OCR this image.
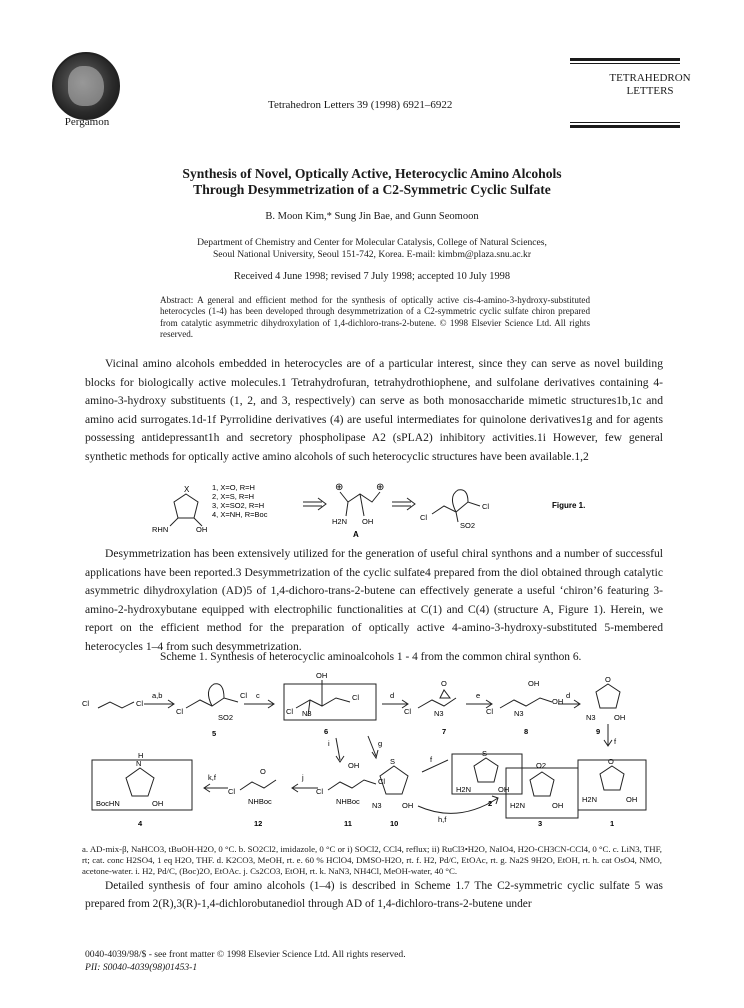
Pergamon
Tetrahedron Letters 39 (1998) 6921–6922
TETRAHEDRON
LETTERS
Synthesis of Novel, Optically Active, Heterocyclic Amino Alcohols
Through Desymmetrization of a C2-Symmetric Cyclic Sulfate
B. Moon Kim,* Sung Jin Bae, and Gunn Seomoon
Department of Chemistry and Center for Molecular Catalysis, College of Natural Sciences,
Seoul National University, Seoul 151-742, Korea. E-mail: kimbm@plaza.snu.ac.kr
Received 4 June 1998; revised 7 July 1998; accepted 10 July 1998
Abstract: A general and efficient method for the synthesis of optically active cis-4-amino-3-hydroxy-substituted heterocycles (1-4) has been developed through desymmetrization of a C2-symmetric cyclic sulfate chiron prepared from catalytic asymmetric dihydroxylation of 1,4-dichloro-trans-2-butene. © 1998 Elsevier Science Ltd. All rights reserved.

Vicinal amino alcohols embedded in heterocycles are of a particular interest, since they can serve as novel building blocks for biologically active molecules.1 Tetrahydrofuran, tetrahydrothiophene, and sulfolane derivatives containing 4-amino-3-hydroxy substituents (1, 2, and 3, respectively) can serve as both monosaccharide mimetic structures1b,1c and amino acid surrogates.1d-1f Pyrrolidine derivatives (4) are useful intermediates for quinolone derivatives1g and for agents possessing antidepressant1h and secretory phospholipase A2 (sPLA2) inhibitory activities.1i However, few general synthetic methods for optically active amino alcohols of such heterocyclic structures have been available.1,2

X
RHN	OH
1, X=O, R=H
2, X=S, R=H
3, X=SO2, R=H
4, X=NH, R=Boc
⊕	⊕
H2N OH
A
Cl
Cl
SO2
Figure 1.

Desymmetrization has been extensively utilized for the generation of useful chiral synthons and a number of successful applications have been reported.3 Desymmetrization of the cyclic sulfate4 prepared from the diol obtained through catalytic asymmetric dihydroxylation (AD)5 of 1,4-dichoro-trans-2-butene can effectively generate a useful ‘chiron’6 featuring 3-amino-2-hydroxybutane equipped with electrophilic functionalities at C(1) and C(4) (structure A, Figure 1). Herein, we report on the efficient method for the preparation of optically active 4-amino-3-hydroxy-substituted 5-membered heterocycles 1–4 from such desymmetrization.

Scheme 1. Synthesis of heterocyclic aminoalcohols 1 - 4 from the common chiral synthon 6.
Cl	Cl
a,b
Cl
Cl
SO2
5
c
Cl
OH
N3
Cl
6
d
Cl
O
N3
7
e
Cl
OH
OH
N3
8
d
O
N3 OH
9
f
N
H
BocHN	OH
4
k,f
Cl
O
NHBoc
12
j
Cl
Cl
OH
NHBoc
11
i	g
S
N3	OH
10
f
h,f
S
H2N	OH
2
O2
H2N	OH
3
O
H2N	OH
1
a. AD-mix-β, NaHCO3, tBuOH-H2O, 0 °C. b. SO2Cl2, imidazole, 0 °C or i) SOCl2, CCl4, reflux; ii) RuCl3•H2O, NaIO4, H2O-CH3CN-CCl4, 0 °C. c. LiN3, THF, rt; cat. conc H2SO4, 1 eq H2O, THF. d. K2CO3, MeOH, rt. e. 60 % HClO4, DMSO-H2O, rt. f. H2, Pd/C, EtOAc, rt. g. Na2S 9H2O, EtOH, rt. h. cat OsO4, NMO, acetone-water. i. H2, Pd/C, (Boc)2O, EtOAc. j. Cs2CO3, EtOH, rt. k. NaN3, NH4Cl, MeOH-water, 40 °C.

Detailed synthesis of four amino alcohols (1–4) is described in Scheme 1.7 The C2-symmetric cyclic sulfate 5 was prepared from 2(R),3(R)-1,4-dichlorobutanediol through AD of 1,4-dichloro-trans-2-butene under

0040-4039/98/$ - see front matter © 1998 Elsevier Science Ltd. All rights reserved.
PII: S0040-4039(98)01453-1
